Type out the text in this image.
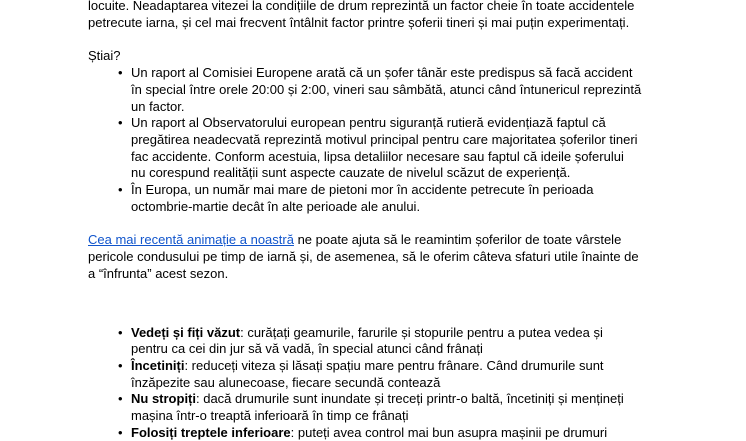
locuite. Neadaptarea vitezei la condițiile de drum reprezintă un factor cheie în toate accidentele
petrecute iarna, și cel mai frecvent întâlnit factor printre șoferii tineri și mai puțin experimentați.

Știai?

• Un raport al Comisiei Europene arată că un șofer tânăr este predispus să facă accident
în special între orele 20:00 și 2:00, vineri sau sâmbătă, atunci când întunericul reprezintă
un factor.
• Un raport al Observatorului european pentru siguranță rutieră evidențiază faptul că
pregătirea neadecvată reprezintă motivul principal pentru care majoritatea șoferilor tineri
fac accidente. Conform acestuia, lipsa detaliilor necesare sau faptul că ideile șoferului
nu corespund realității sunt aspecte cauzate de nivelul scăzut de experiență.
• În Europa, un număr mai mare de pietoni mor în accidente petrecute în perioada
octombrie-martie decât în alte perioade ale anului.

Cea mai recentă animație a noastră ne poate ajuta să le reamintim șoferilor de toate vârstele
pericole condusului pe timp de iarnă și, de asemenea, să le oferim câteva sfaturi utile înainte de
a “înfrunta” acest sezon.

• Vedeți și fiți văzut: curățați geamurile, farurile și stopurile pentru a putea vedea și
pentru ca cei din jur să vă vadă, în special atunci când frânați
• Încetiniți: reduceți viteza și lăsați spațiu mare pentru frânare. Când drumurile sunt
înzăpezite sau alunecoase, fiecare secundă contează
• Nu stropiți: dacă drumurile sunt inundate și treceți printr-o baltă, încetiniți și mențineți
mașina într-o treaptă inferioară în timp ce frânați
• Folosiți treptele inferioare: puteți avea control mai bun asupra mașinii pe drumuri
